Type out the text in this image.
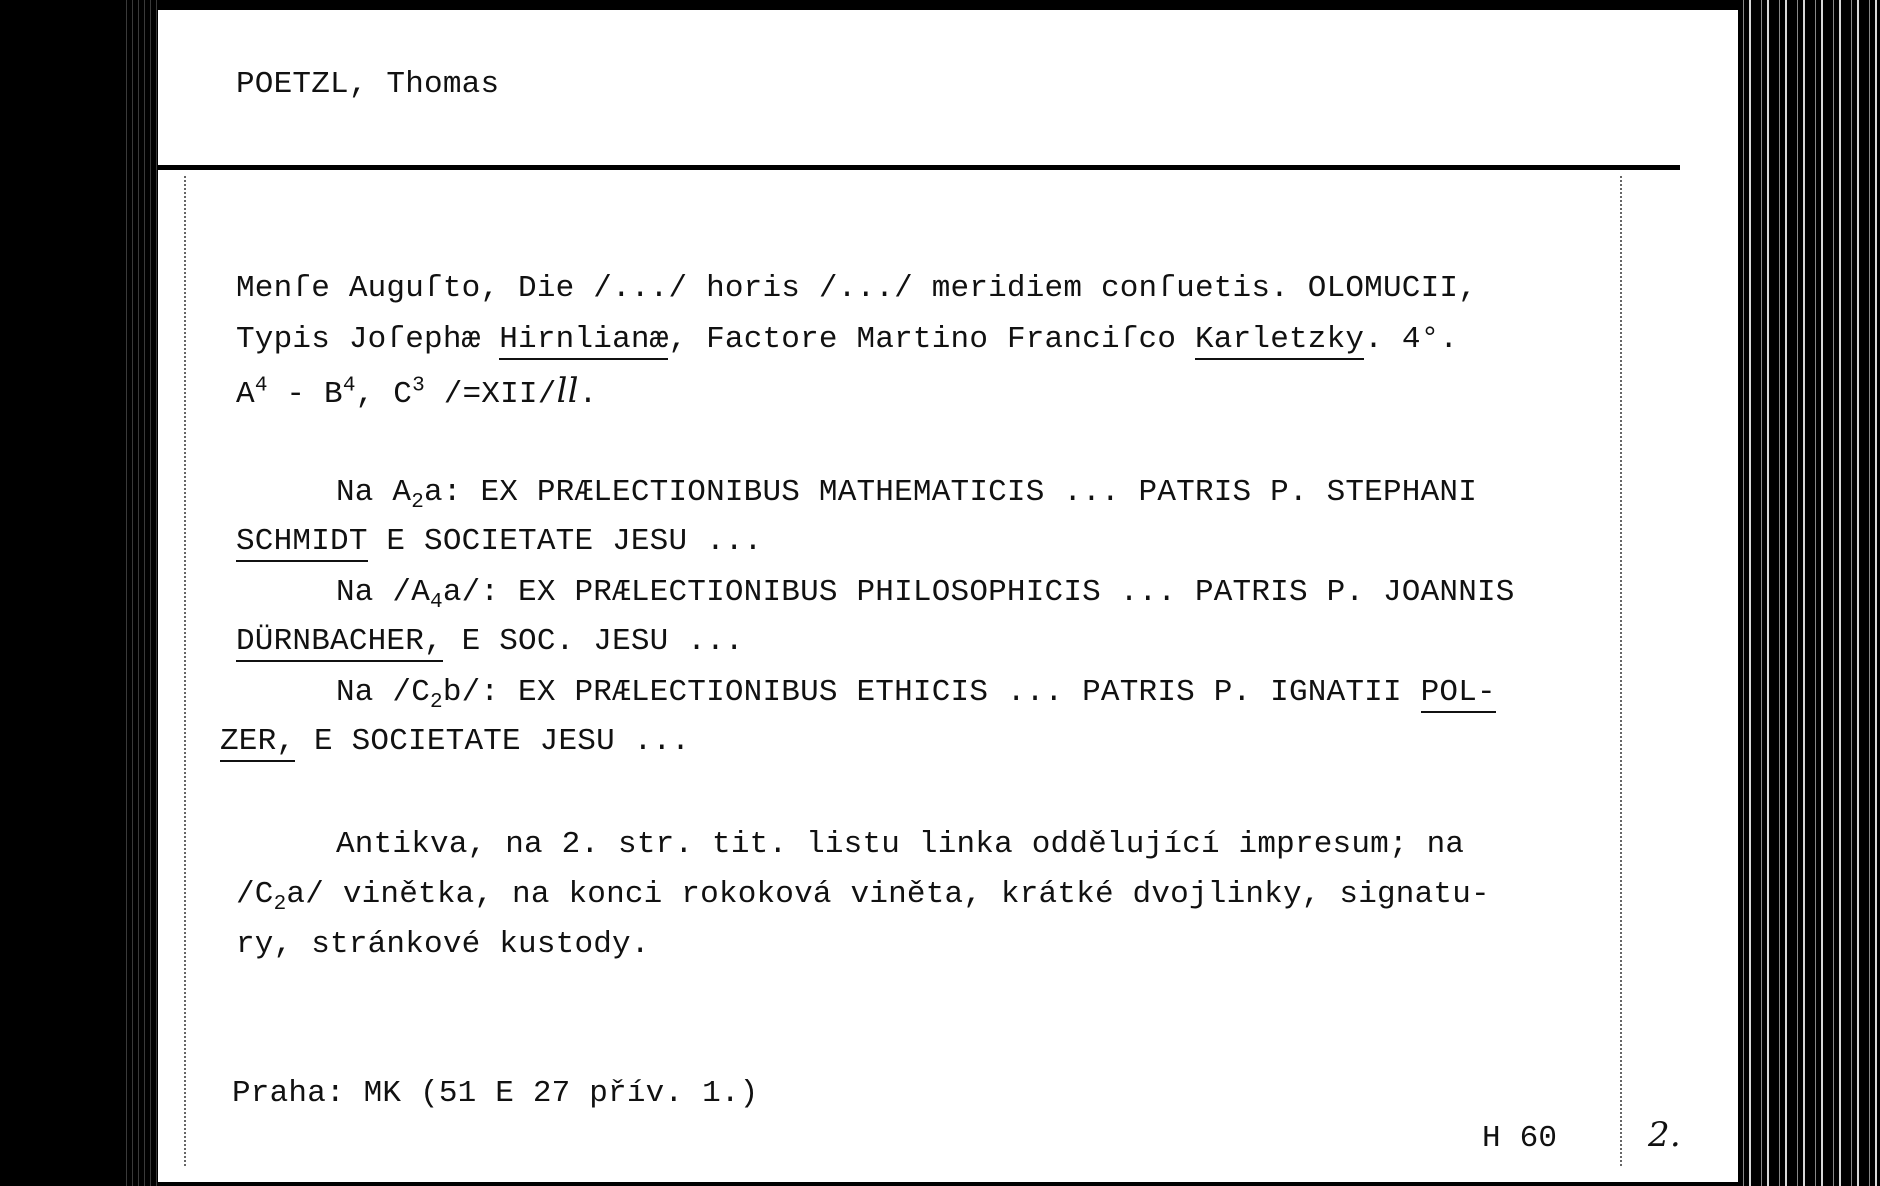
POETZL, Thomas
Menſe Auguſto, Die /.../ horis /.../ meridiem conſuetis. OLOMUCII,
Typis Joſephæ Hirnlianæ, Factore Martino Franciſco Karletzky. 4°.
$A^4 - B^4$, $C^3$ /=XII/ll.
Na $A_2a$: EX PRÆLECTIONIBUS MATHEMATICIS ... PATRIS P. STEPHANI
SCHMIDT E SOCIETATE JESU ...
Na $/A_4a/$: EX PRÆLECTIONIBUS PHILOSOPHICIS ... PATRIS P. JOANNIS
DÜRNBACHER, E SOC. JESU ...
Na $/C_2b/$: EX PRÆLECTIONIBUS ETHICIS ... PATRIS P. IGNATII POL-
ZER, E SOCIETATE JESU ...
Antikva, na 2. str. tit. listu linka oddělující impresum; na
$/C_2a/$ vinětka, na konci rokoková viněta, krátké dvojlinky, signatu-
ry, stránkové kustody.
Praha: MK (51 E 27 přív. 1.)
H 60	2.
